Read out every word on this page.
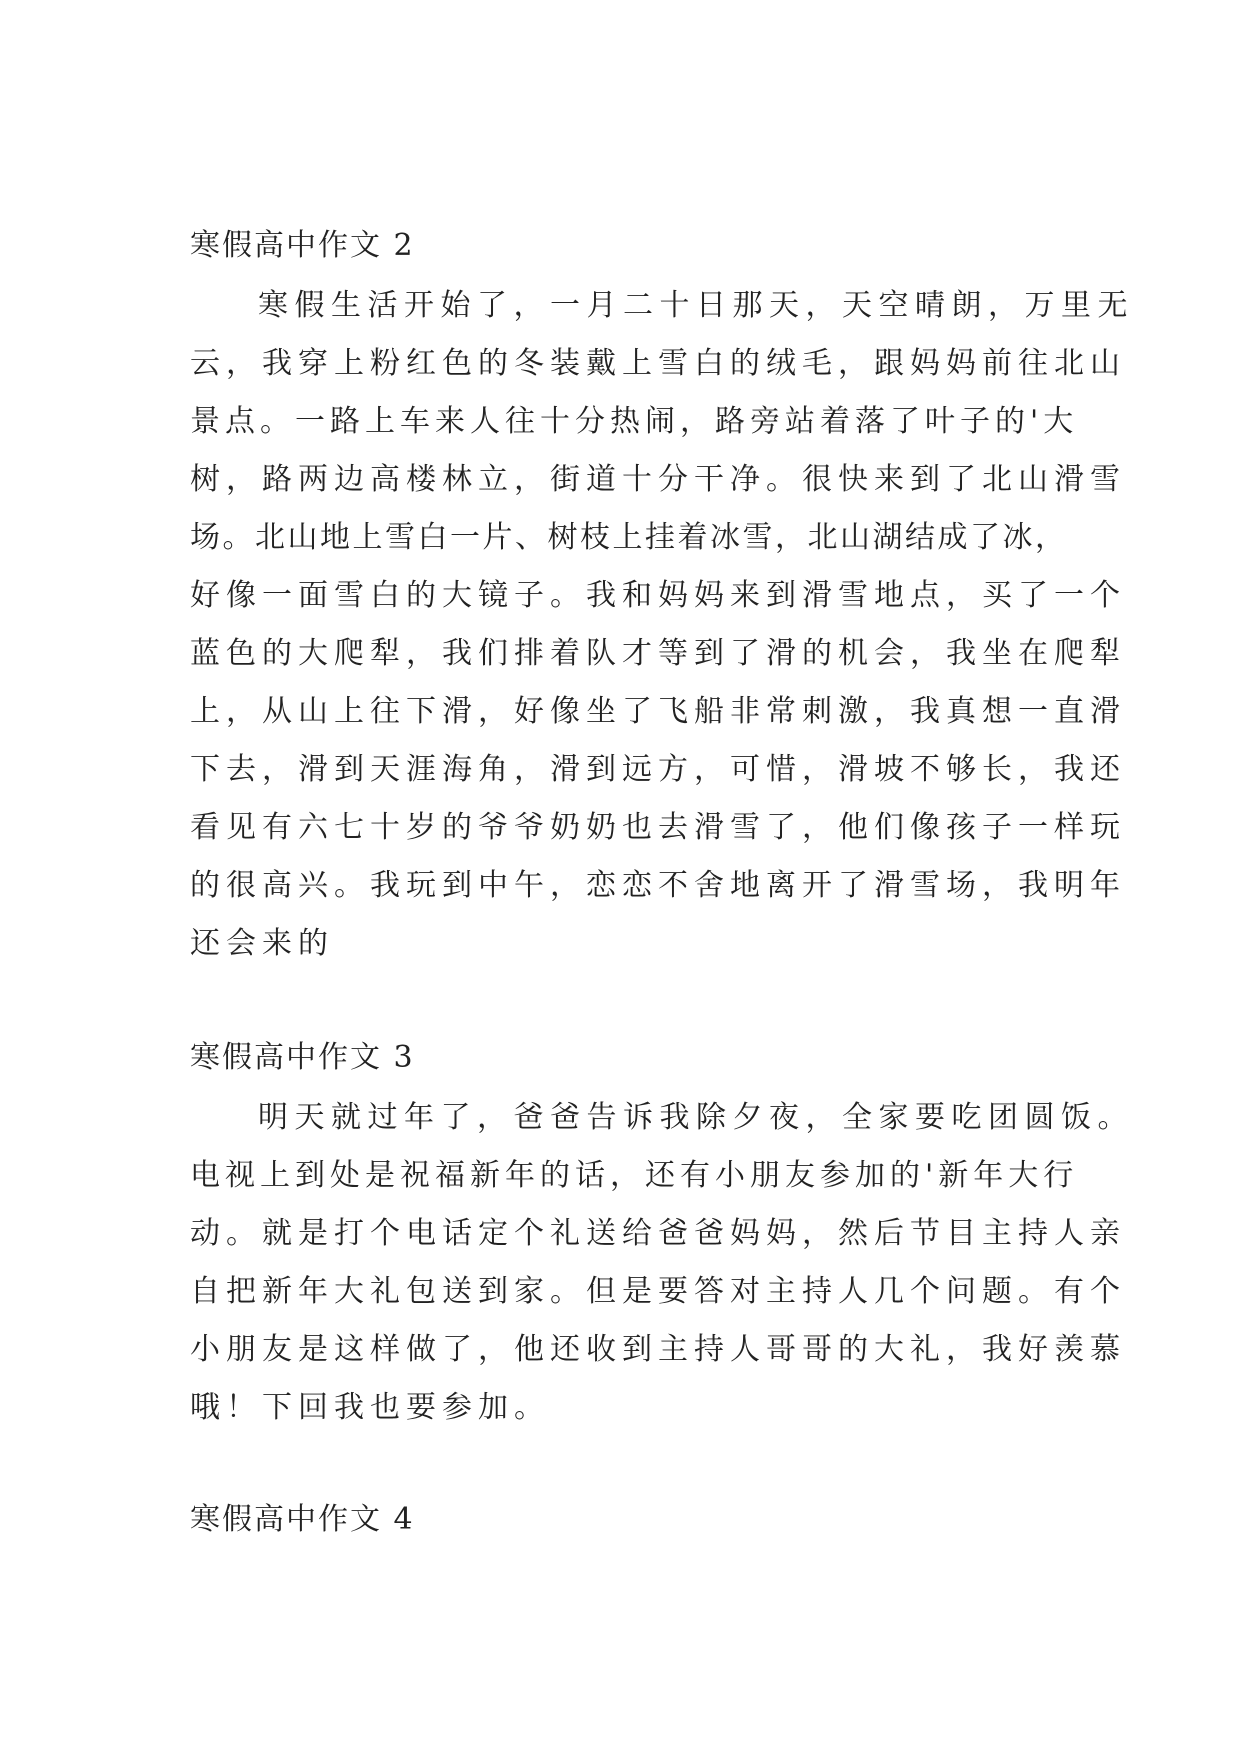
寒假高中作文 2
寒假生活开始了，一月二十日那天，天空晴朗，万里无
云，我穿上粉红色的冬装戴上雪白的绒毛，跟妈妈前往北山
景点。一路上车来人往十分热闹，路旁站着落了叶子的'大
树，路两边高楼林立，街道十分干净。很快来到了北山滑雪
场。北山地上雪白一片、树枝上挂着冰雪，北山湖结成了冰，
好像一面雪白的大镜子。我和妈妈来到滑雪地点，买了一个
蓝色的大爬犁，我们排着队才等到了滑的机会，我坐在爬犁
上，从山上往下滑，好像坐了飞船非常刺激，我真想一直滑
下去，滑到天涯海角，滑到远方，可惜，滑坡不够长，我还
看见有六七十岁的爷爷奶奶也去滑雪了，他们像孩子一样玩
的很高兴。我玩到中午，恋恋不舍地离开了滑雪场，我明年
还会来的
寒假高中作文 3
明天就过年了，爸爸告诉我除夕夜，全家要吃团圆饭。
电视上到处是祝福新年的话，还有小朋友参加的'新年大行
动。就是打个电话定个礼送给爸爸妈妈，然后节目主持人亲
自把新年大礼包送到家。但是要答对主持人几个问题。有个
小朋友是这样做了，他还收到主持人哥哥的大礼，我好羡慕
哦！下回我也要参加。
寒假高中作文 4
